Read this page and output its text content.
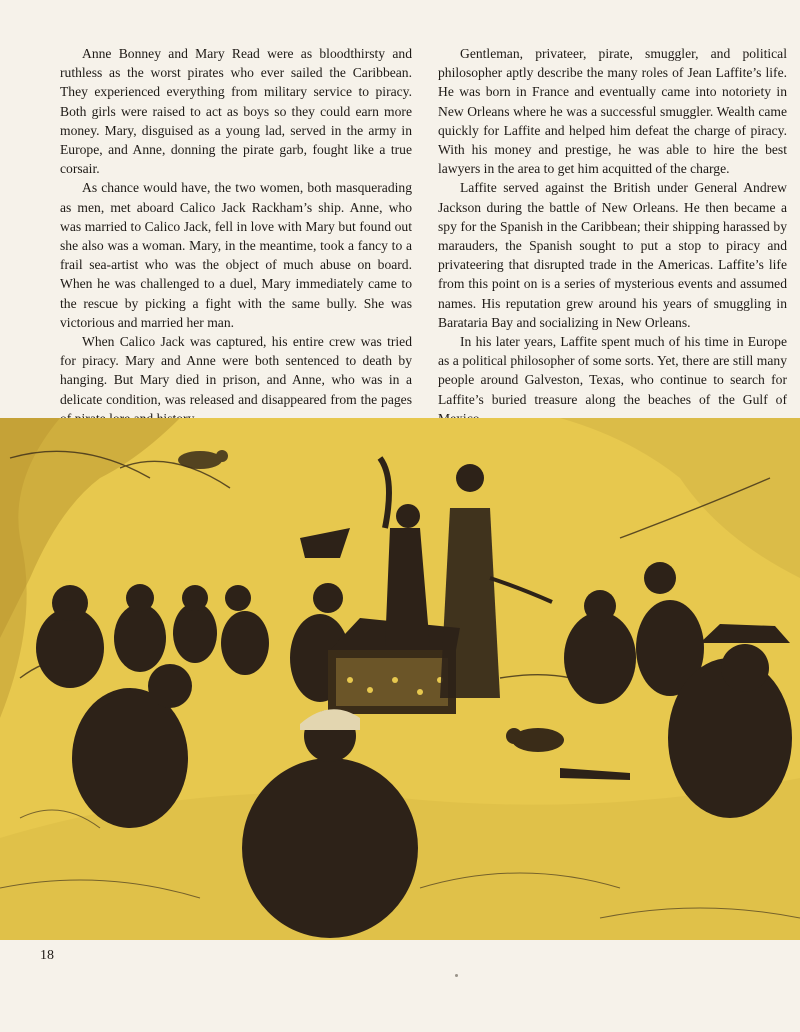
Anne Bonney and Mary Read were as bloodthirsty and ruthless as the worst pirates who ever sailed the Caribbean. They experienced everything from military service to piracy. Both girls were raised to act as boys so they could earn more money. Mary, disguised as a young lad, served in the army in Europe, and Anne, donning the pirate garb, fought like a true corsair.

As chance would have, the two women, both masquerading as men, met aboard Calico Jack Rackham’s ship. Anne, who was married to Calico Jack, fell in love with Mary but found out she also was a woman. Mary, in the meantime, took a fancy to a frail sea-artist who was the object of much abuse on board. When he was challenged to a duel, Mary immediately came to the rescue by picking a fight with the same bully. She was victorious and married her man.

When Calico Jack was captured, his entire crew was tried for piracy. Mary and Anne were both sentenced to death by hanging. But Mary died in prison, and Anne, who was in a delicate condition, was released and disappeared from the pages

Gentleman, privateer, pirate, smuggler, and political philosopher aptly describe the many roles of Jean Laffite’s life. He was born in France and eventually came into notoriety in New Orleans where he was a successful smuggler. Wealth came quickly for Laffite and helped him defeat the charge of piracy. With his money and prestige, he was able to hire the best lawyers in the area to get him acquitted of the charge.

Laffite served against the British under General Andrew Jackson during the battle of New Orleans. He then became a spy for the Spanish in the Caribbean; their shipping harassed by marauders, the Spanish sought to put a stop to piracy and privateering that disrupted trade in the Americas. Laffite’s life from this point on is a series of mysterious events and assumed names. His reputation grew around his years of smuggling in Barataria Bay and socializing in New Orleans.

In his later years, Laffite spent much of his time in Europe as a political philosopher of some sorts. Yet, there are still many people around Galveston, Texas, who continue to search for Laffite’s buried treasure along the beaches of the Gulf of

18
